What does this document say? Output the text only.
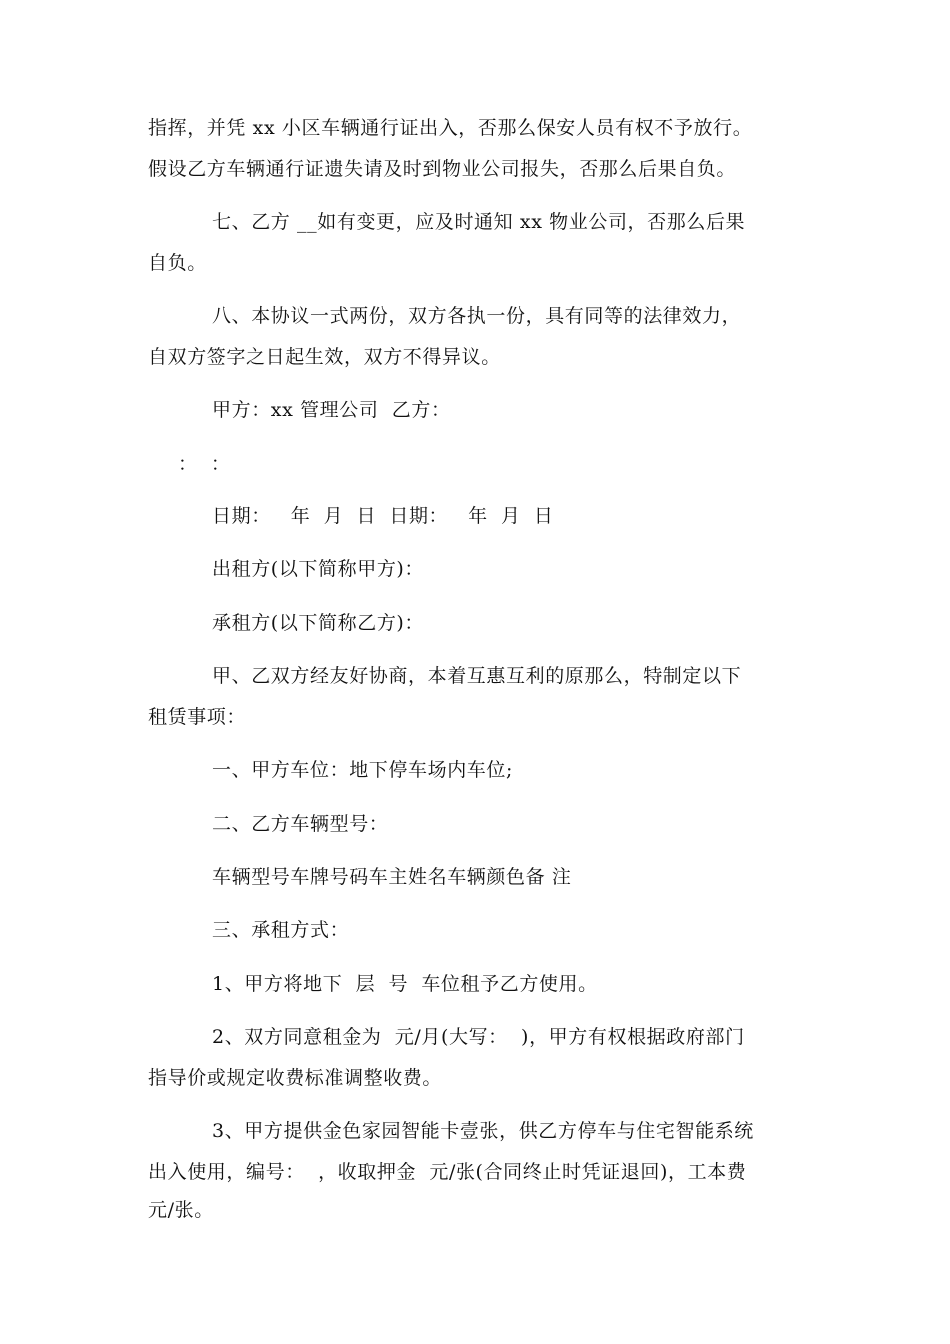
指挥，并凭 xx 小区车辆通行证出入，否那么保安人员有权不予放行。
假设乙方车辆通行证遗失请及时到物业公司报失，否那么后果自负。
七、乙方 __如有变更，应及时通知 xx 物业公司，否那么后果
自负。
八、本协议一式两份，双方各执一份，具有同等的法律效力，
自双方签字之日起生效，双方不得异议。
甲方：xx 管理公司  乙方：
：  ：
日期：   年  月  日  日期：   年  月  日
出租方(以下简称甲方)：
承租方(以下简称乙方)：
甲、乙双方经友好协商，本着互惠互利的原那么，特制定以下
租赁事项：
一、甲方车位：地下停车场内车位;
二、乙方车辆型号：
车辆型号车牌号码车主姓名车辆颜色备 注
三、承租方式：
1、甲方将地下  层  号  车位租予乙方使用。
2、双方同意租金为  元/月(大写：  )，甲方有权根据政府部门
指导价或规定收费标准调整收费。
3、甲方提供金色家园智能卡壹张，供乙方停车与住宅智能系统
出入使用，编号：  ，收取押金  元/张(合同终止时凭证退回)，工本费
元/张。
